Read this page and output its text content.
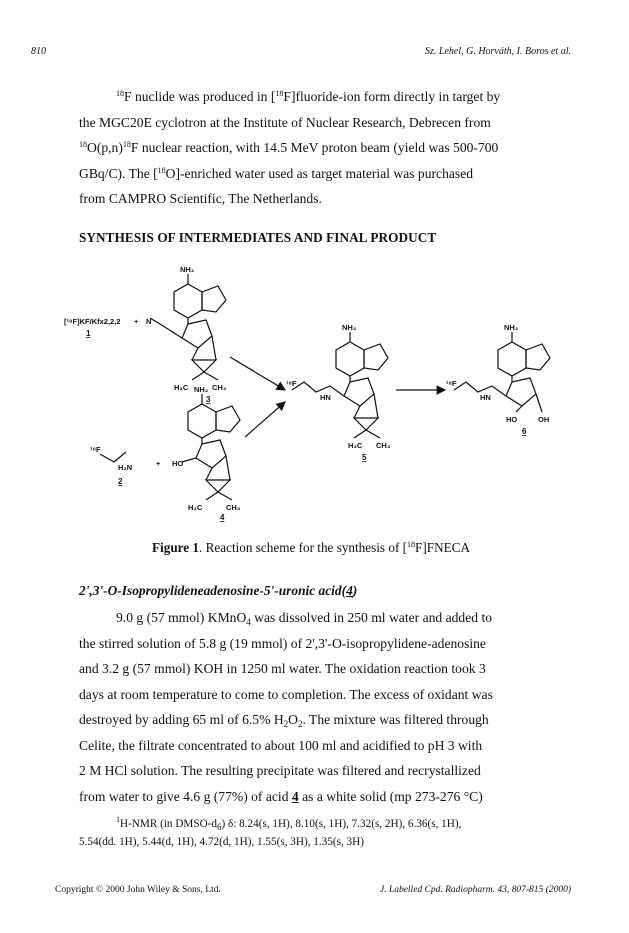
810	Sz. Lehel, G. Horváth, I. Boros et al.

$^{18}$F nuclide was produced in [$^{18}$F]fluoride-ion form directly in target by

the MGC20E cyclotron at the Institute of Nuclear Research, Debrecen from

$^{18}O(p,n)^{18}F$ nuclear reaction, with 14.5 MeV proton beam (yield was 500-700

GBq/C). The [$^{18}$O]-enriched water used as target material was purchased

from CAMPRO Scientific, The Netherlands.

SYNTHESIS OF INTERMEDIATES AND FINAL PRODUCT
NH₂
NH₂
NH₂	NH₂
[¹⁸F]KF/Kfx2,2,2 + N
H₃C	CH₃
H₃C	CH₃
H₃C CH₃
HO
+
¹⁸F
H₂N
¹⁸F
HN
¹⁸F
HN
HO	OH
1
2
3
4
5
6
Figure 1. Reaction scheme for the synthesis of [$^{18}$F]FNECA
2',3'-O-Isopropylideneadenosine-5'-uronic acid(4)

9.0 g (57 mmol) KMnO$_4$ was dissolved in 250 ml water and added to

the stirred solution of 5.8 g (19 mmol) of 2',3'-O-isopropylidene-adenosine

and 3.2 g (57 mmol) KOH in 1250 ml water. The oxidation reaction took 3

days at room temperature to come to completion. The excess of oxidant was

destroyed by adding 65 ml of 6.5% $H_2O_2$. The mixture was filtered through

Celite, the filtrate concentrated to about 100 ml and acidified to pH 3 with

2 M HCl solution. The resulting precipitate was filtered and recrystallized

from water to give 4.6 g (77%) of acid 4 as a white solid (mp 273-276 °C)

$^1$H-NMR (in DMSO-$d_6$) δ: 8.24(s, 1H), 8.10(s, 1H), 7.32(s, 2H), 6.36(s, 1H),
5.54(dd. 1H), 5.44(d, 1H), 4.72(d, 1H), 1.55(s, 3H), 1.35(s, 3H)
Copyright © 2000 John Wiley & Sons, Ltd.	J. Labelled Cpd. Radiopharm. 43, 807-815 (2000)
